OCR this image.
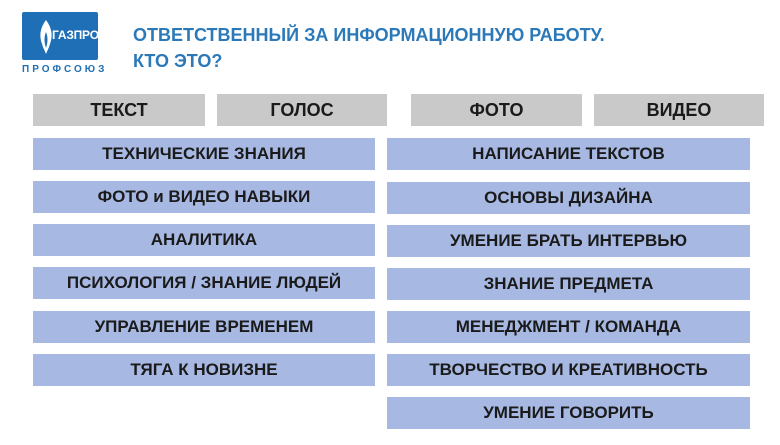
ГАЗПРОМ
ПРОФСОЮЗ
ОТВЕТСТВЕННЫЙ ЗА ИНФОРМАЦИОННУЮ РАБОТУ.
КТО ЭТО?
ТЕКСТ	ГОЛОС	ФОТО	ВИДЕО
ТЕХНИЧЕСКИЕ ЗНАНИЯ
ФОТО и ВИДЕО НАВЫКИ
АНАЛИТИКА
ПСИХОЛОГИЯ / ЗНАНИЕ ЛЮДЕЙ
УПРАВЛЕНИЕ ВРЕМЕНЕМ
ТЯГА К НОВИЗНЕ
НАПИСАНИЕ ТЕКСТОВ
ОСНОВЫ ДИЗАЙНА
УМЕНИЕ БРАТЬ ИНТЕРВЬЮ
ЗНАНИЕ ПРЕДМЕТА
МЕНЕДЖМЕНТ / КОМАНДА
ТВОРЧЕСТВО И КРЕАТИВНОСТЬ
УМЕНИЕ ГОВОРИТЬ
